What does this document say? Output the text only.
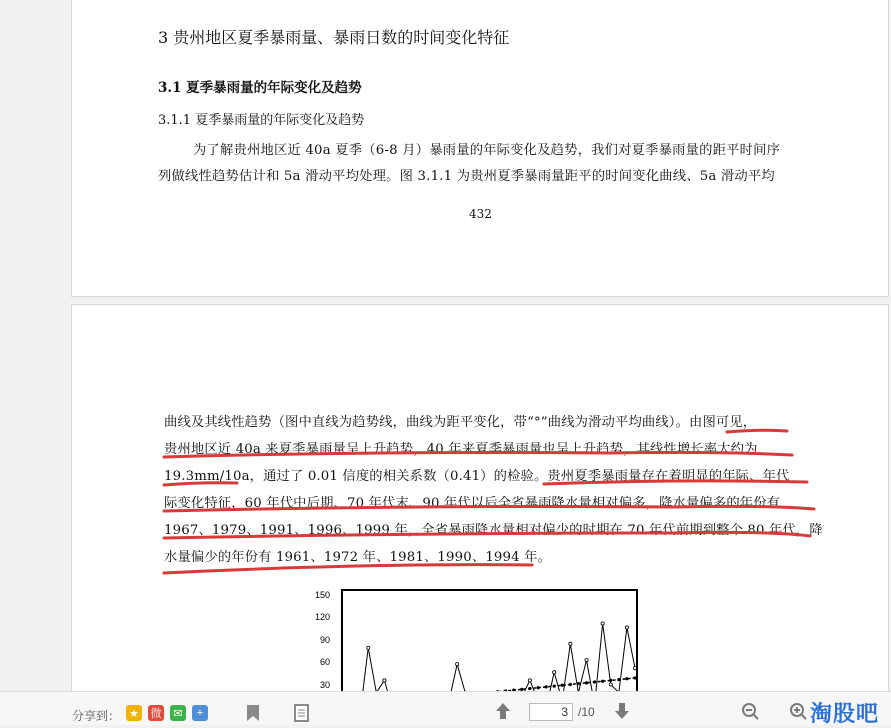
3 贵州地区夏季暴雨量、暴雨日数的时间变化特征
3.1 夏季暴雨量的年际变化及趋势
3.1.1 夏季暴雨量的年际变化及趋势
为了解贵州地区近 40a 夏季（6-8 月）暴雨量的年际变化及趋势，我们对夏季暴雨量的距平时间序
列做线性趋势估计和 5a 滑动平均处理。图 3.1.1 为贵州夏季暴雨量距平的时间变化曲线、5a 滑动平均
432
曲线及其线性趋势（图中直线为趋势线，曲线为距平变化，带“°”曲线为滑动平均曲线）。由图可见，
贵州地区近 40a 来夏季暴雨量呈上升趋势，40 年来夏季暴雨量也呈上升趋势，其线性增长率大约为
19.3mm/10a，通过了 0.01 信度的相关系数（0.41）的检验。贵州夏季暴雨量存在着明显的年际、年代
际变化特征，60 年代中后期、70 年代末、90 年代以后全省暴雨降水量相对偏多，降水量偏多的年份有
1967、1979、1991、1996、1999 年，全省暴雨降水量相对偏少的时期在 70 年代前期到整个 80 年代，降
水量偏少的年份有 1961、1972 年、1981、1990、1994 年。
150
120
90
60
30
分享到： ★ 微	✉	+	3 /10	淘股吧
